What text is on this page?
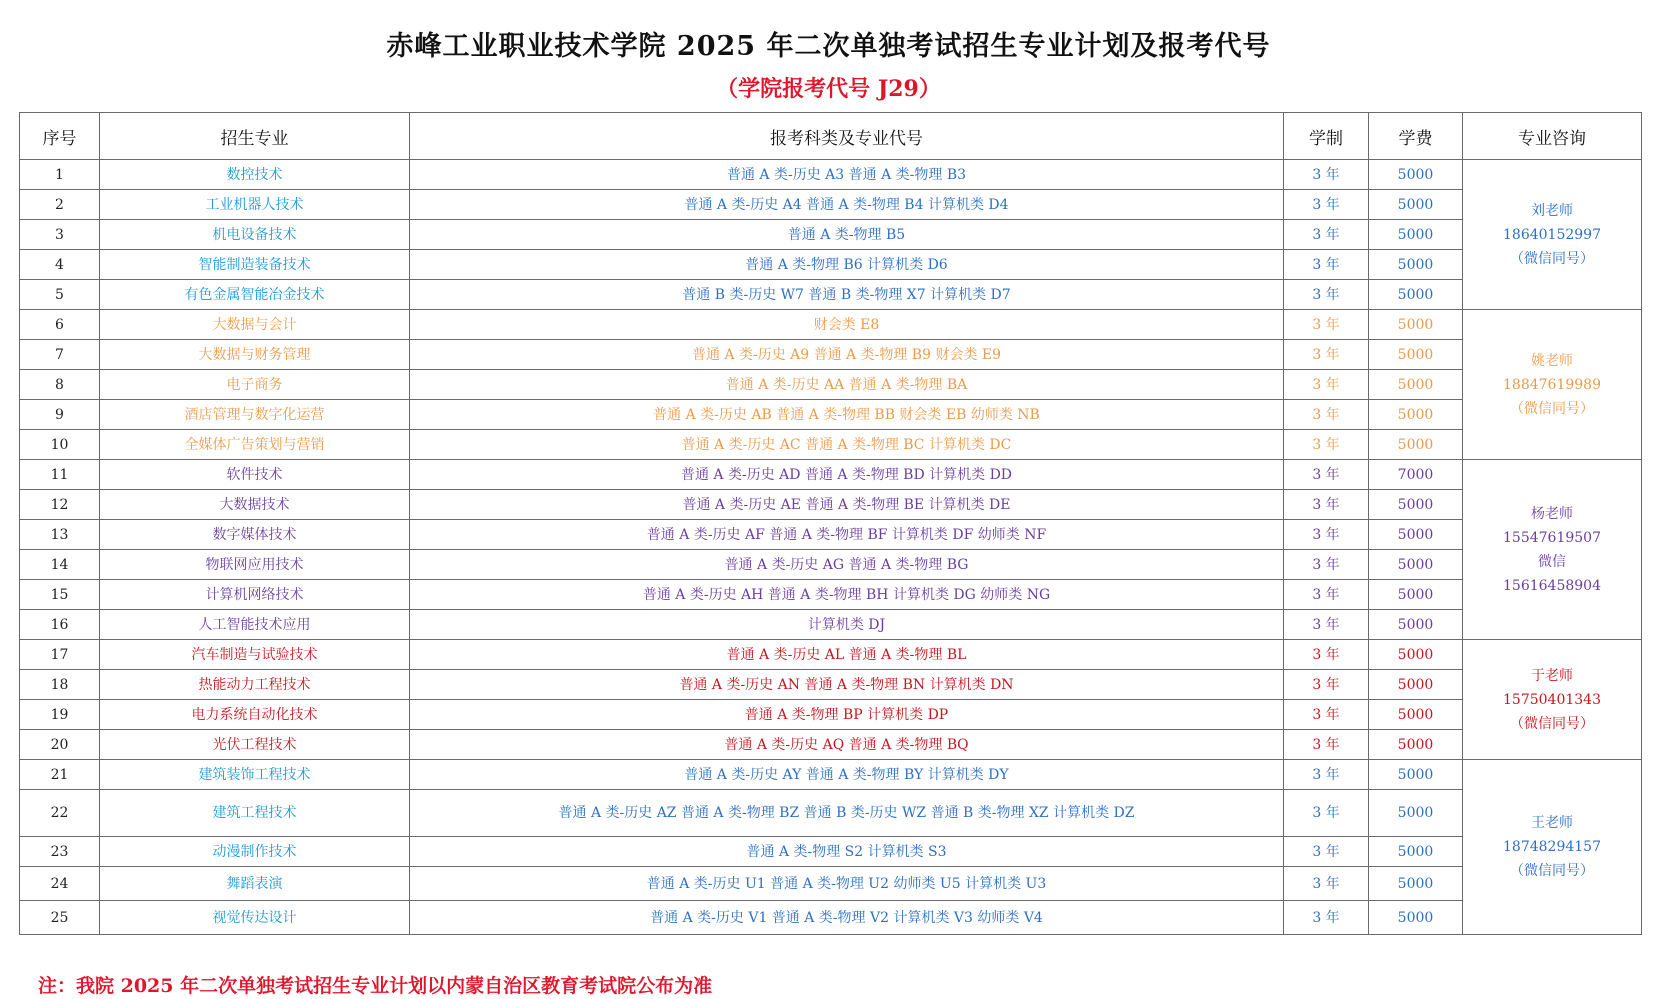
赤峰工业职业技术学院 2025 年二次单独考试招生专业计划及报考代号
（学院报考代号 J29）
序号	招生专业	报考科类及专业代号	学制	学费	专业咨询
1	数控技术	普通 A 类-历史 A3 普通 A 类-物理 B3	3 年	5000	刘老师
18640152997
（微信同号）

2	工业机器人技术	普通 A 类-历史 A4 普通 A 类-物理 B4 计算机类 D4	3 年	5000	
3	机电设备技术	普通 A 类-物理 B5	3 年	5000	
4	智能制造装备技术	普通 A 类-物理 B6 计算机类 D6	3 年	5000	
5	有色金属智能冶金技术	普通 B 类-历史 W7 普通 B 类-物理 X7 计算机类 D7	3 年	5000	
6	大数据与会计	财会类 E8	3 年	5000	姚老师
18847619989
（微信同号）

7	大数据与财务管理	普通 A 类-历史 A9 普通 A 类-物理 B9 财会类 E9	3 年	5000	
8	电子商务	普通 A 类-历史 AA 普通 A 类-物理 BA	3 年	5000	
9	酒店管理与数字化运营	普通 A 类-历史 AB 普通 A 类-物理 BB 财会类 EB 幼师类 NB	3 年	5000	
10	全媒体广告策划与营销	普通 A 类-历史 AC 普通 A 类-物理 BC 计算机类 DC	3 年	5000	
11	软件技术	普通 A 类-历史 AD 普通 A 类-物理 BD 计算机类 DD	3 年	7000	杨老师
15547619507
微信
15616458904

12	大数据技术	普通 A 类-历史 AE 普通 A 类-物理 BE 计算机类 DE	3 年	5000	
13	数字媒体技术	普通 A 类-历史 AF 普通 A 类-物理 BF 计算机类 DF 幼师类 NF	3 年	5000	
14	物联网应用技术	普通 A 类-历史 AG 普通 A 类-物理 BG	3 年	5000	
15	计算机网络技术	普通 A 类-历史 AH 普通 A 类-物理 BH 计算机类 DG 幼师类 NG	3 年	5000	
16	人工智能技术应用	计算机类 DJ	3 年	5000	
17	汽车制造与试验技术	普通 A 类-历史 AL 普通 A 类-物理 BL	3 年	5000	于老师
15750401343
（微信同号）

18	热能动力工程技术	普通 A 类-历史 AN 普通 A 类-物理 BN 计算机类 DN	3 年	5000	
19	电力系统自动化技术	普通 A 类-物理 BP 计算机类 DP	3 年	5000	
20	光伏工程技术	普通 A 类-历史 AQ 普通 A 类-物理 BQ	3 年	5000	
21	建筑装饰工程技术	普通 A 类-历史 AY 普通 A 类-物理 BY 计算机类 DY	3 年	5000	王老师
18748294157
（微信同号）

22	建筑工程技术	普通 A 类-历史 AZ 普通 A 类-物理 BZ 普通 B 类-历史 WZ 普通 B 类-物理 XZ 计算机类 DZ	3 年	5000	
23	动漫制作技术	普通 A 类-物理 S2 计算机类 S3	3 年	5000	
24	舞蹈表演	普通 A 类-历史 U1 普通 A 类-物理 U2 幼师类 U5 计算机类 U3	3 年	5000	
25	视觉传达设计	普通 A 类-历史 V1 普通 A 类-物理 V2 计算机类 V3 幼师类 V4	3 年	5000	
注：我院 2025 年二次单独考试招生专业计划以内蒙自治区教育考试院公布为准
